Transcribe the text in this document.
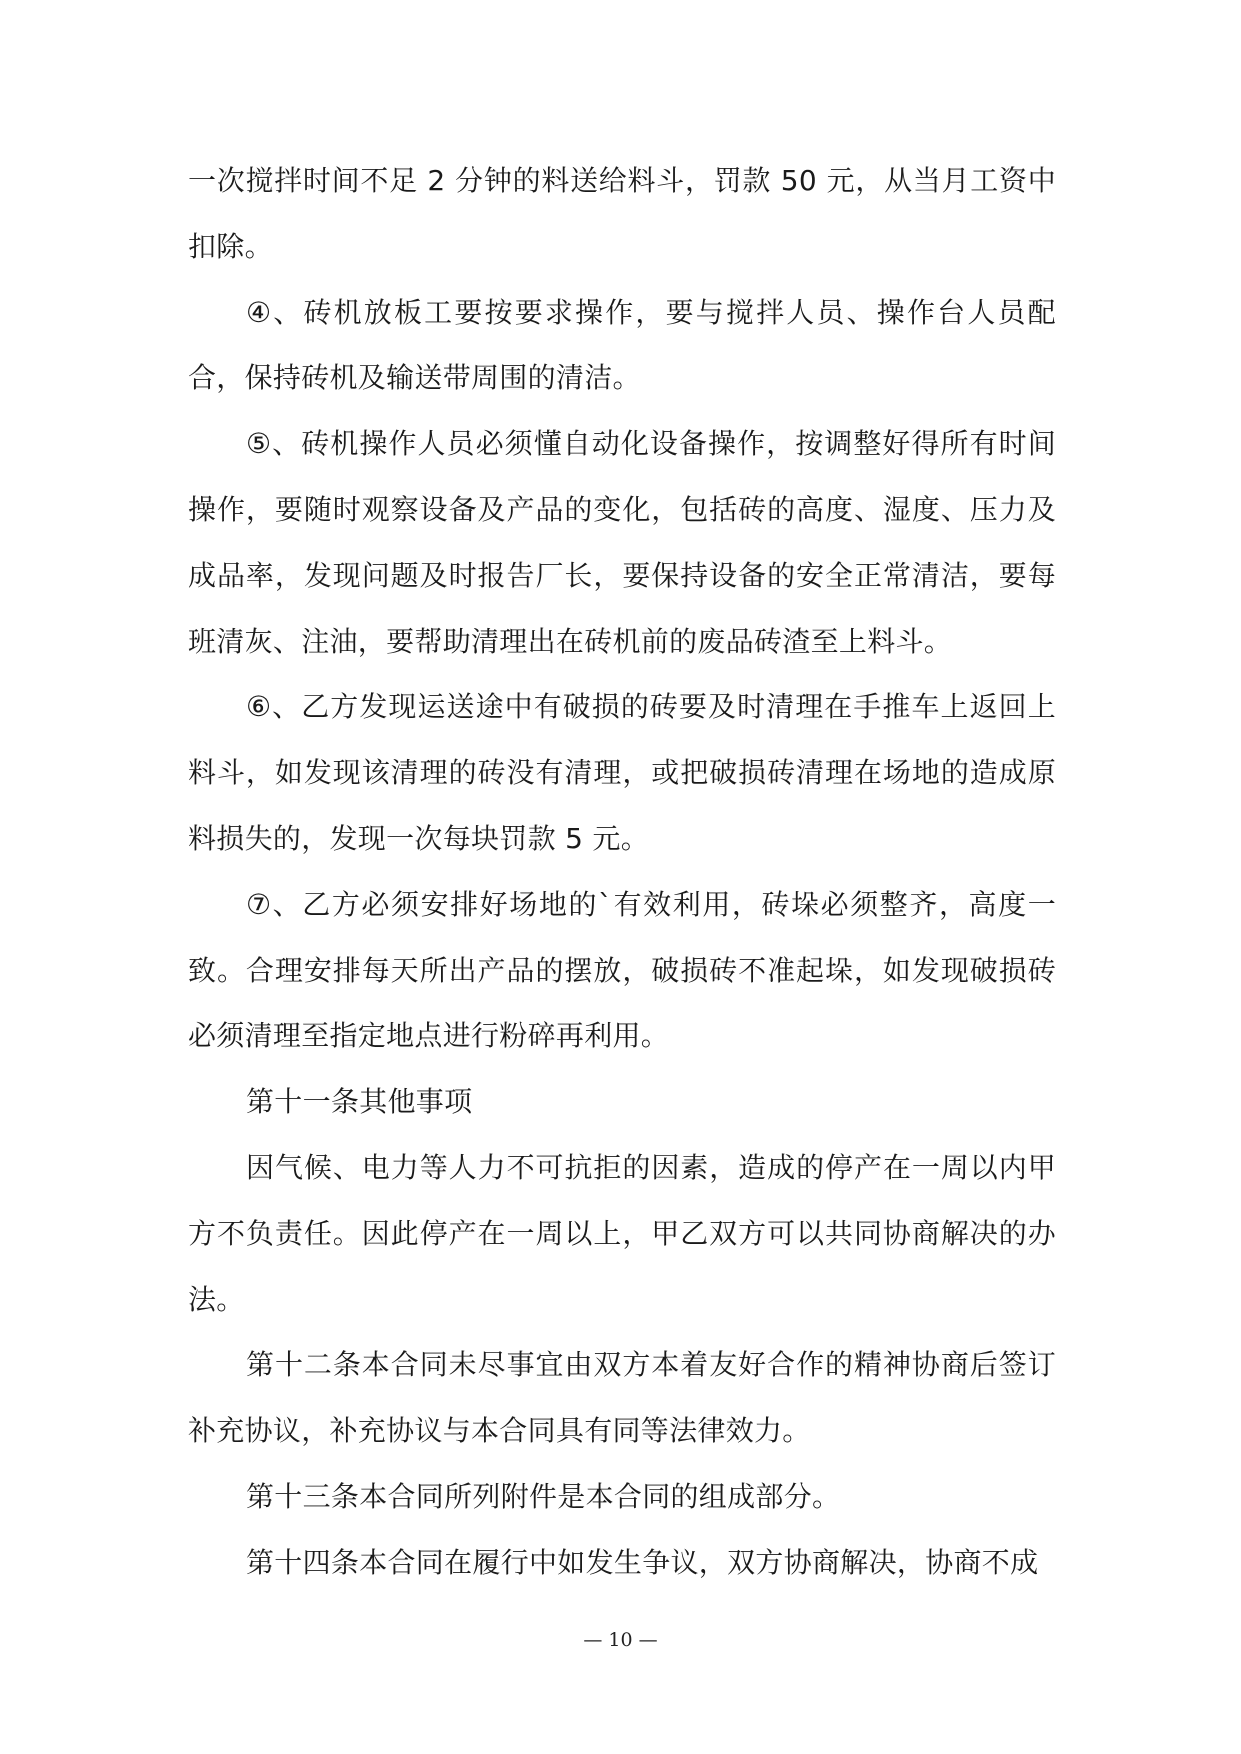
一次搅拌时间不足 2 分钟的料送给料斗，罚款 50 元，从当月工资中扣除。

④、砖机放板工要按要求操作，要与搅拌人员、操作台人员配合，保持砖机及输送带周围的清洁。

⑤、砖机操作人员必须懂自动化设备操作，按调整好得所有时间操作，要随时观察设备及产品的变化，包括砖的高度、湿度、压力及成品率，发现问题及时报告厂长，要保持设备的安全正常清洁，要每班清灰、注油，要帮助清理出在砖机前的废品砖渣至上料斗。

⑥、乙方发现运送途中有破损的砖要及时清理在手推车上返回上料斗，如发现该清理的砖没有清理，或把破损砖清理在场地的造成原料损失的，发现一次每块罚款 5 元。

⑦、乙方必须安排好场地的`有效利用，砖垛必须整齐，高度一致。合理安排每天所出产品的摆放，破损砖不准起垛，如发现破损砖必须清理至指定地点进行粉碎再利用。

第十一条其他事项

因气候、电力等人力不可抗拒的因素，造成的停产在一周以内甲方不负责任。因此停产在一周以上，甲乙双方可以共同协商解决的办法。

第十二条本合同未尽事宜由双方本着友好合作的精神协商后签订补充协议，补充协议与本合同具有同等法律效力。

第十三条本合同所列附件是本合同的组成部分。

第十四条本合同在履行中如发生争议，双方协商解决，协商不成

— 10 —
